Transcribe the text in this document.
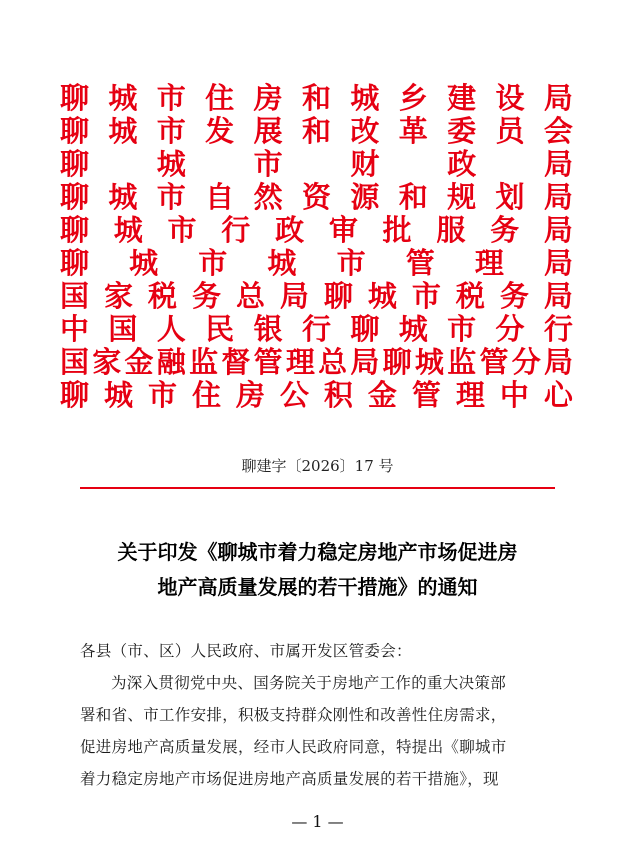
聊 城 市 住 房 和 城 乡 建 设 局
聊 城 市 发 展 和 改 革 委 员 会
聊 城 市 财 政 局
聊 城 市 自 然 资 源 和 规 划 局
聊 城 市 行 政 审 批 服 务 局
聊 城 市 城 市 管 理 局
国 家 税 务 总 局 聊 城 市 税 务 局
中 国 人 民 银 行 聊 城 市 分 行
国 家 金 融 监 督 管 理 总 局 聊 城 监 管 分 局
聊 城 市 住 房 公 积 金 管 理 中 心
聊建字〔2026〕17 号
关于印发《聊城市着力稳定房地产市场促进房
地产高质量发展的若干措施》的通知

各县（市、区）人民政府、市属开发区管委会：

为深入贯彻党中央、国务院关于房地产工作的重大决策部

署和省、市工作安排，积极支持群众刚性和改善性住房需求，

促进房地产高质量发展，经市人民政府同意，特提出《聊城市

着力稳定房地产市场促进房地产高质量发展的若干措施》，现

— 1 —
